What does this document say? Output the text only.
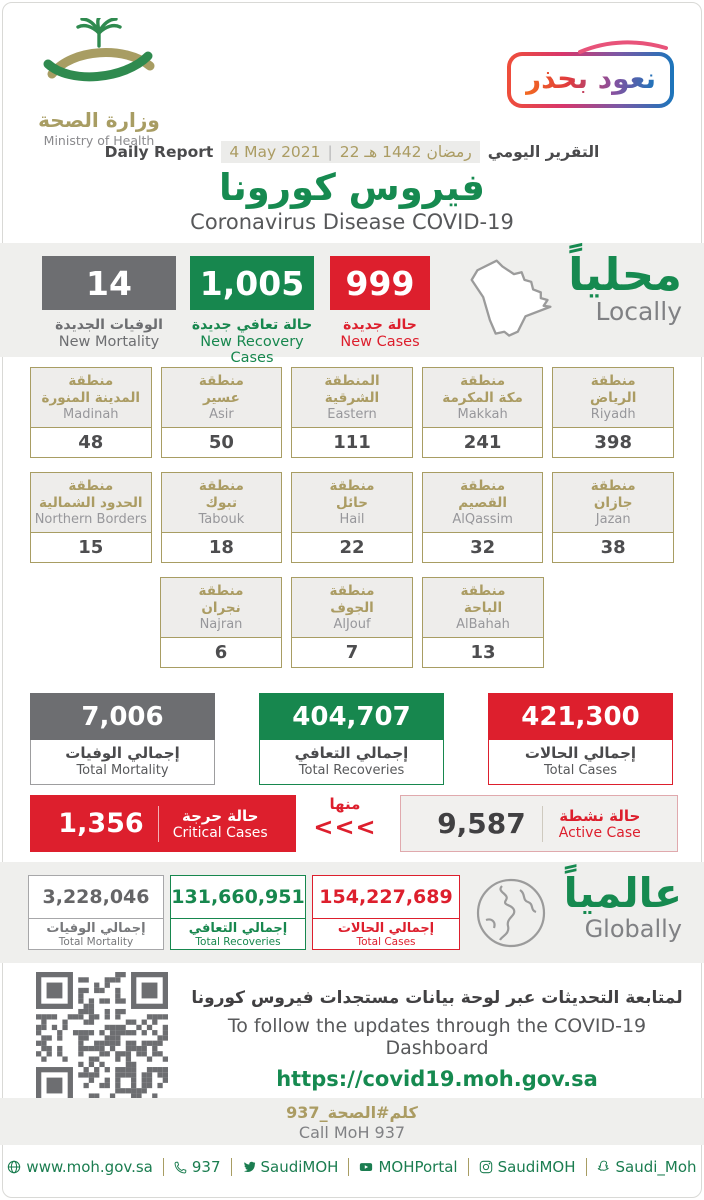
وزارة الصحة
Ministry of Health
نعود بحذر
Daily Report 4 May 2021 | 22 رمضان 1442 هـ التقرير اليومي
فيروس كورونا
Coronavirus Disease COVID-19
14
الوفيات الجديدة
New Mortality
1,005
حالة تعافي جديدة
New Recovery Cases
999
حالة جديدة
New Cases
محلياً
Locally
منطقة
المدينة المنورة
Madinah
48
منطقة
عسير
Asir
50
المنطقة
الشرقية
Eastern
111
منطقة
مكة المكرمة
Makkah
241
منطقة
الرياض
Riyadh
398
منطقة
الحدود الشمالية
Northern Borders
15
منطقة
تبوك
Tabouk
18
منطقة
حائل
Hail
22
منطقة
القصيم
AlQassim
32
منطقة
جازان
Jazan
38
منطقة
نجران
Najran
6
منطقة
الجوف
AlJouf
7
منطقة
الباحة
AlBahah
13
7,006
إجمالي الوفيات
Total Mortality
404,707
إجمالي التعافي
Total Recoveries
421,300
إجمالي الحالات
Total Cases
1,356	حالة حرجة
Critical Cases
منها
<<< 9,587 حالة نشطة
Active Case
3,228,046
إجمالي الوفيات
Total Mortality
131,660,951
إجمالي التعافي
Total Recoveries
154,227,689
إجمالي الحالات
Total Cases
عالمياً
Globally
لمتابعة التحديثات عبر لوحة بيانات مستجدات فيروس كورونا
To follow the updates through the COVID-19 Dashboard
https://covid19.moh.gov.sa
كلم#الصحة_937
Call MoH 937
www.moh.gov.sa	937	SaudiMOH	MOHPortal	SaudiMOH	Saudi_Moh
